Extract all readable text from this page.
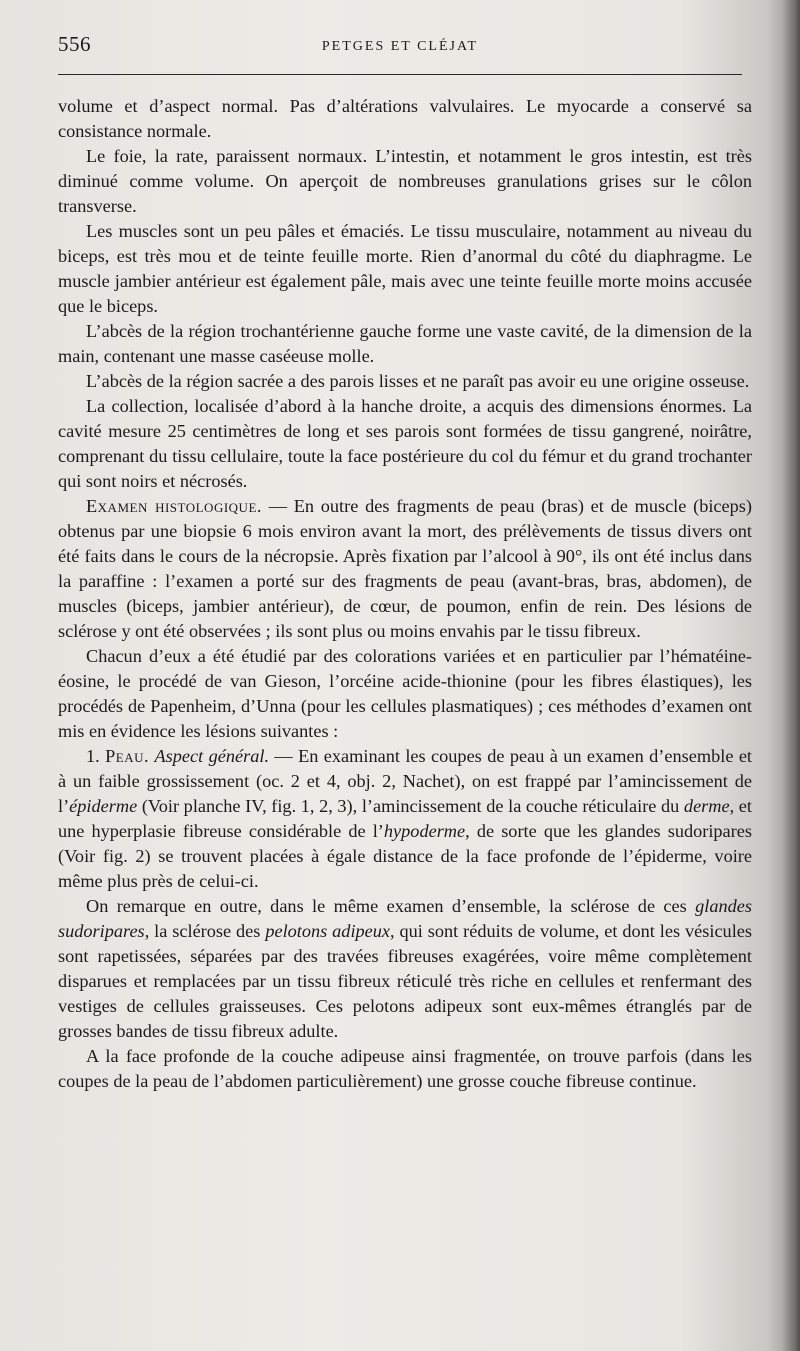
556	PETGES ET CLÉJAT

volume et d’aspect normal. Pas d’altérations valvulaires. Le myocarde a conservé sa consistance normale.

Le foie, la rate, paraissent normaux. L’intestin, et notamment le gros intestin, est très diminué comme volume. On aperçoit de nombreuses granulations grises sur le côlon transverse.

Les muscles sont un peu pâles et émaciés. Le tissu musculaire, notamment au niveau du biceps, est très mou et de teinte feuille morte. Rien d’anormal du côté du diaphragme. Le muscle jambier antérieur est également pâle, mais avec une teinte feuille morte moins accusée que le biceps.

L’abcès de la région trochantérienne gauche forme une vaste cavité, de la dimension de la main, contenant une masse caséeuse molle.

L’abcès de la région sacrée a des parois lisses et ne paraît pas avoir eu une origine osseuse.

La collection, localisée d’abord à la hanche droite, a acquis des dimensions énormes. La cavité mesure 25 centimètres de long et ses parois sont formées de tissu gangrené, noirâtre, comprenant du tissu cellulaire, toute la face postérieure du col du fémur et du grand trochanter qui sont noirs et nécrosés.

Examen histologique. — En outre des fragments de peau (bras) et de muscle (biceps) obtenus par une biopsie 6 mois environ avant la mort, des prélèvements de tissus divers ont été faits dans le cours de la nécropsie. Après fixation par l’alcool à 90°, ils ont été inclus dans la paraffine : l’examen a porté sur des fragments de peau (avant-bras, bras, abdomen), de muscles (biceps, jambier antérieur), de cœur, de poumon, enfin de rein. Des lésions de sclérose y ont été observées ; ils sont plus ou moins envahis par le tissu fibreux.

Chacun d’eux a été étudié par des colorations variées et en particulier par l’hématéine-éosine, le procédé de van Gieson, l’orcéine acide-thionine (pour les fibres élastiques), les procédés de Papenheim, d’Unna (pour les cellules plasmatiques) ; ces méthodes d’examen ont mis en évidence les lésions suivantes :

1. Peau. Aspect général. — En examinant les coupes de peau à un examen d’ensemble et à un faible grossissement (oc. 2 et 4, obj. 2, Nachet), on est frappé par l’amincissement de l’épiderme (Voir planche IV, fig. 1, 2, 3), l’amincissement de la couche réticulaire du derme, et une hyperplasie fibreuse considérable de l’hypoderme, de sorte que les glandes sudoripares (Voir fig. 2) se trouvent placées à égale distance de la face profonde de l’épiderme, voire même plus près de celui-ci.

On remarque en outre, dans le même examen d’ensemble, la sclérose de ces glandes sudoripares, la sclérose des pelotons adipeux, qui sont réduits de volume, et dont les vésicules sont rapetissées, séparées par des travées fibreuses exagérées, voire même complètement disparues et remplacées par un tissu fibreux réticulé très riche en cellules et renfermant des vestiges de cellules graisseuses. Ces pelotons adipeux sont eux-mêmes étranglés par de grosses bandes de tissu fibreux adulte.

A la face profonde de la couche adipeuse ainsi fragmentée, on trouve parfois (dans les coupes de la peau de l’abdomen particulièrement) une grosse couche fibreuse continue.
